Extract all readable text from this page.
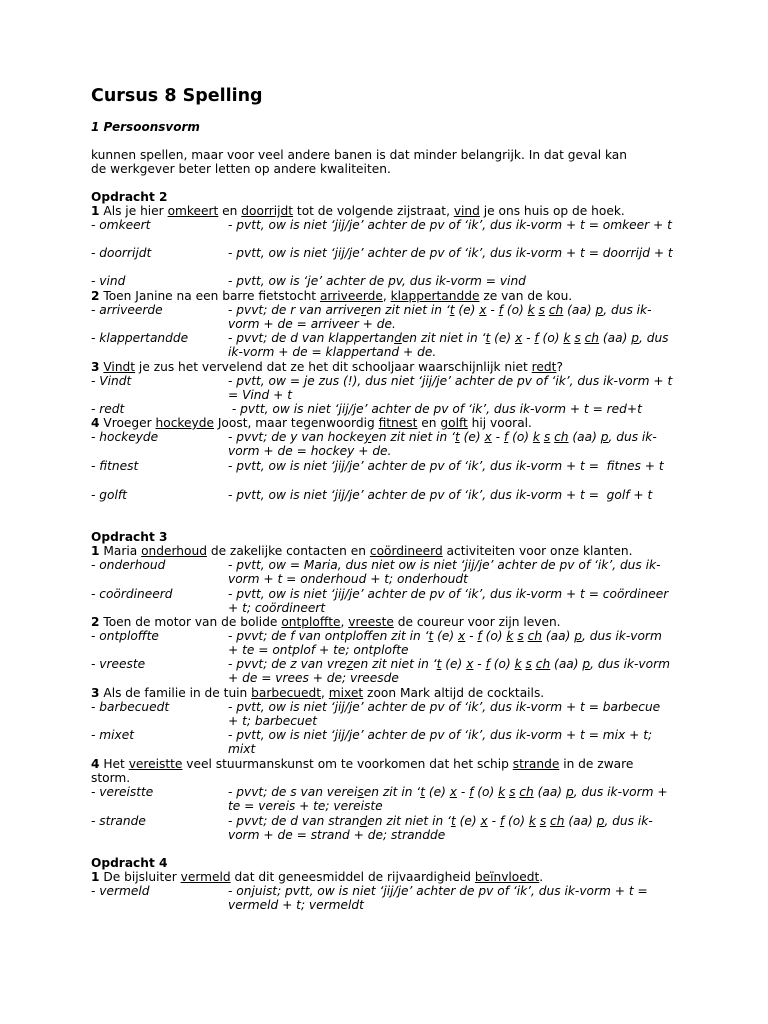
Cursus 8 Spelling
1 Persoonsvorm
kunnen spellen, maar voor veel andere banen is dat minder belangrijk. In dat geval kan
de werkgever beter letten op andere kwaliteiten.
Opdracht 2
1 Als je hier omkeert en doorrijdt tot de volgende zijstraat, vind je ons huis op de hoek.
- omkeert	- pvtt, ow is niet ‘jij/je’ achter de pv of ‘ik’, dus ik-vorm + t = omkeer + t
- doorrijdt	- pvtt, ow is niet ‘jij/je’ achter de pv of ‘ik’, dus ik-vorm + t = doorrijd + t
- vind	- pvtt, ow is ‘je’ achter de pv, dus ik-vorm = vind
2 Toen Janine na een barre fietstocht arriveerde, klappertandde ze van de kou.
- arriveerde	- pvvt; de r van arriveren zit niet in ‘t (e) x - f (o) k s ch (aa) p, dus ik-vorm + de = arriveer + de.
- klappertandde	- pvvt; de d van klappertanden zit niet in ‘t (e) x - f (o) k s ch (aa) p, dus ik-vorm + de = klappertand + de.
3 Vindt je zus het vervelend dat ze het dit schooljaar waarschijnlijk niet redt?
- Vindt	- pvtt, ow = je zus (!), dus niet ‘jij/je’ achter de pv of ‘ik’, dus ik-vorm + t = Vind + t
- redt	- pvtt, ow is niet ‘jij/je’ achter de pv of ‘ik’, dus ik-vorm + t = red+t
4 Vroeger hockeyde Joost, maar tegenwoordig fitnest en golft hij vooral.
- hockeyde	- pvvt; de y van hockeyen zit niet in ‘t (e) x - f (o) k s ch (aa) p, dus ik-vorm + de = hockey + de.
- fitnest	- pvtt, ow is niet ‘jij/je’ achter de pv of ‘ik’, dus ik-vorm + t =  fitnes + t
- golft	- pvtt, ow is niet ‘jij/je’ achter de pv of ‘ik’, dus ik-vorm + t =  golf + t
Opdracht 3
1 Maria onderhoud de zakelijke contacten en coördineerd activiteiten voor onze klanten.
- onderhoud	- pvtt, ow = Maria, dus niet ow is niet ‘jij/je’ achter de pv of ‘ik’, dus ik-vorm + t = onderhoud + t; onderhoudt
- coördineerd	- pvtt, ow is niet ‘jij/je’ achter de pv of ‘ik’, dus ik-vorm + t = coördineer + t; coördineert
2 Toen de motor van de bolide ontploffte, vreeste de coureur voor zijn leven.
- ontploffte	- pvvt; de f van ontplofen zit in ‘t (e) x - f (o) k s ch (aa) p, dus ik-vorm + te = ontplof + te; ontplofte
- vreeste	- pvvt; de z van vrezen zit niet in ‘t (e) x - f (o) k s ch (aa) p, dus ik-vorm + de = vrees + de; vreesde
3 Als de familie in de tuin barbecuedt, mixet zoon Mark altijd de cocktails.
- barbecuedt	- pvtt, ow is niet ‘jij/je’ achter de pv of ‘ik’, dus ik-vorm + t = barbecue + t; barbecuet
- mixet	- pvtt, ow is niet ‘jij/je’ achter de pv of ‘ik’, dus ik-vorm + t = mix + t; mixt
4 Het vereistte veel stuurmanskunst om te voorkomen dat het schip strande in de zware
storm.
- vereistte	- pvvt; de s van vereisen zit in ‘t (e) x - f (o) k s ch (aa) p, dus ik-vorm + te = vereis + te; vereiste
- strande	- pvvt; de d van stranden zit niet in ‘t (e) x - f (o) k s ch (aa) p, dus ik-vorm + de = strand + de; strandde
Opdracht 4
1 De bijsluiter vermeld dat dit geneesmiddel de rijvaardigheid beïnvloedt.
- vermeld	- onjuist; pvtt, ow is niet ‘jij/je’ achter de pv of ‘ik’, dus ik-vorm + t = vermeld + t; vermeldt
